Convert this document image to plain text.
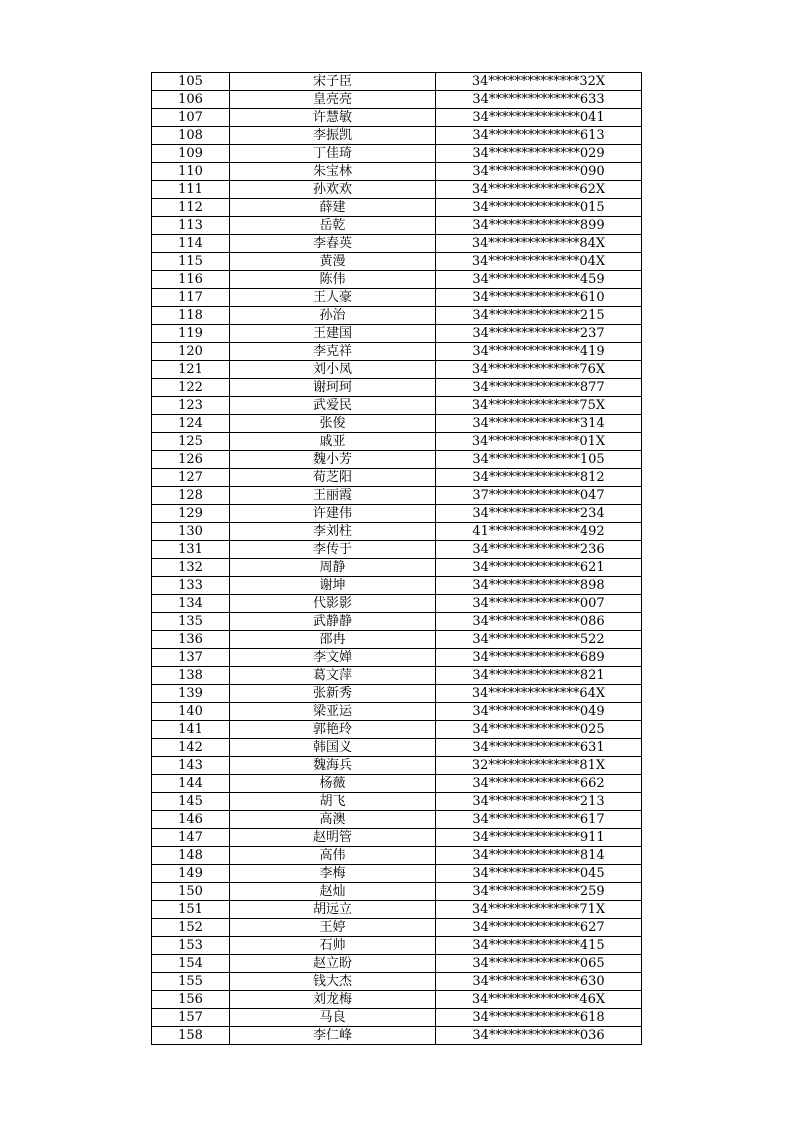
105	宋子臣	34**************32X
106	皇亮亮	34**************633
107	许慧敏	34**************041
108	李振凯	34**************613
109	丁佳琦	34**************029
110	朱宝林	34**************090
111	孙欢欢	34**************62X
112	薛建	34**************015
113	岳乾	34**************899
114	李春英	34**************84X
115	黄漫	34**************04X
116	陈伟	34**************459
117	王人豪	34**************610
118	孙治	34**************215
119	王建国	34**************237
120	李克祥	34**************419
121	刘小凤	34**************76X
122	谢珂珂	34**************877
123	武爱民	34**************75X
124	张俊	34**************314
125	戚亚	34**************01X
126	魏小芳	34**************105
127	荀芝阳	34**************812
128	王丽霞	37**************047
129	许建伟	34**************234
130	李刘柱	41**************492
131	李传于	34**************236
132	周静	34**************621
133	谢坤	34**************898
134	代影影	34**************007
135	武静静	34**************086
136	邵冉	34**************522
137	李文婵	34**************689
138	葛文萍	34**************821
139	张新秀	34**************64X
140	梁亚运	34**************049
141	郭艳玲	34**************025
142	韩国义	34**************631
143	魏海兵	32**************81X
144	杨薇	34**************662
145	胡飞	34**************213
146	高澳	34**************617
147	赵明管	34**************911
148	高伟	34**************814
149	李梅	34**************045
150	赵灿	34**************259
151	胡远立	34**************71X
152	王婷	34**************627
153	石帅	34**************415
154	赵立盼	34**************065
155	钱大杰	34**************630
156	刘龙梅	34**************46X
157	马良	34**************618
158	李仁峰	34**************036
